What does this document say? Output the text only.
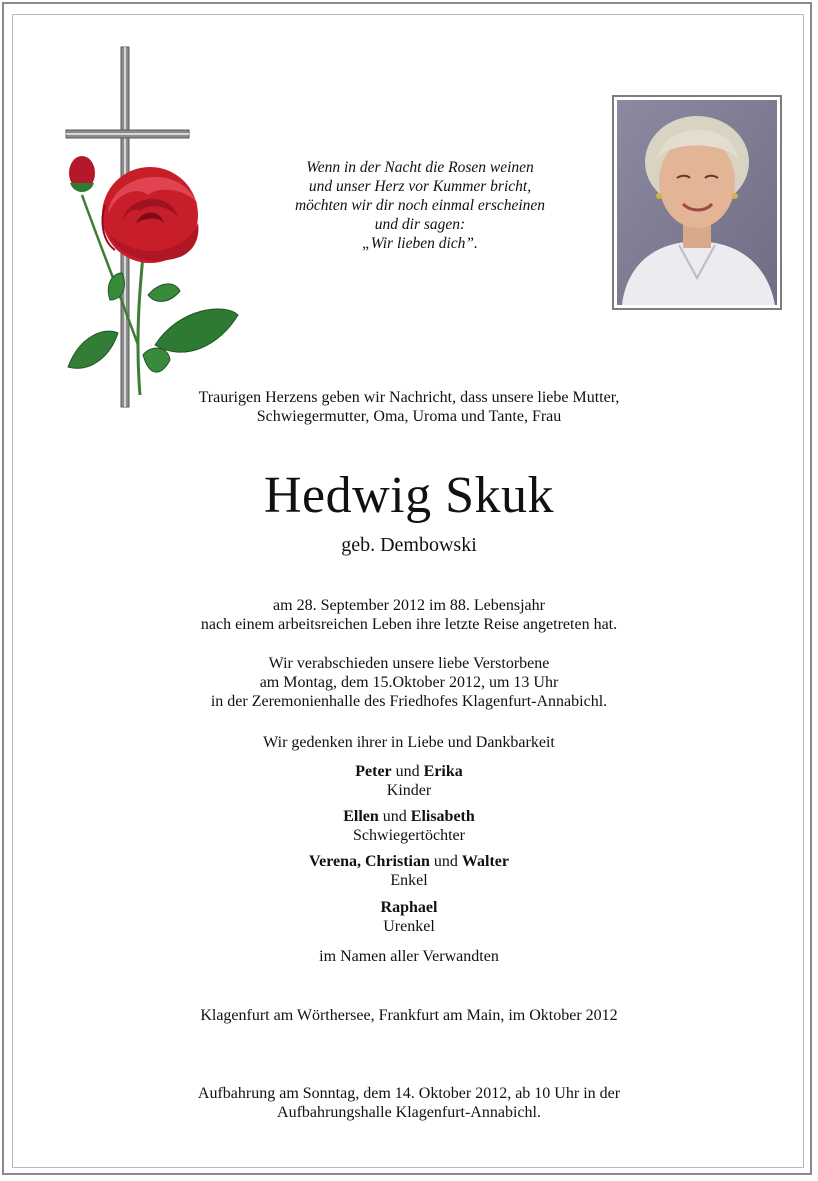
Wenn in der Nacht die Rosen weinen
und unser Herz vor Kummer bricht,
möchten wir dir noch einmal erscheinen
und dir sagen:
„Wir lieben dich”.
Traurigen Herzens geben wir Nachricht, dass unsere liebe Mutter,
Schwiegermutter, Oma, Uroma und Tante, Frau
Hedwig Skuk
geb. Dembowski
am 28. September 2012 im 88. Lebensjahr
nach einem arbeitsreichen Leben ihre letzte Reise angetreten hat.
Wir verabschieden unsere liebe Verstorbene
am Montag, dem 15.Oktober 2012, um 13 Uhr
in der Zeremonienhalle des Friedhofes Klagenfurt-Annabichl.
Wir gedenken ihrer in Liebe und Dankbarkeit
Peter und Erika
Kinder
Ellen und Elisabeth
Schwiegertöchter
Verena, Christian und Walter
Enkel
Raphael
Urenkel
im Namen aller Verwandten
Klagenfurt am Wörthersee, Frankfurt am Main, im Oktober 2012
Aufbahrung am Sonntag, dem 14. Oktober 2012, ab 10 Uhr in der
Aufbahrungshalle Klagenfurt-Annabichl.
